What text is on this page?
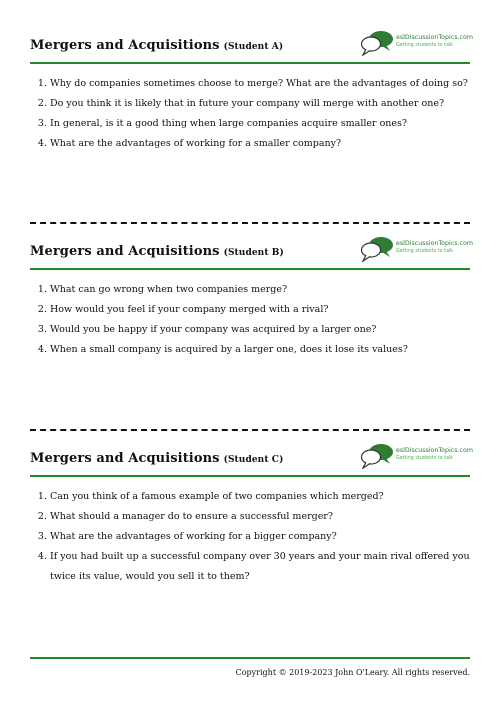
Mergers and Acquisitions (Student A)
eslDiscussionTopics.com
Getting students to talk
1. Why do companies sometimes choose to merge? What are the advantages of doing so?
2. Do you think it is likely that in future your company will merge with another one?
3. In general, is it a good thing when large companies acquire smaller ones?
4. What are the advantages of working for a smaller company?
Mergers and Acquisitions (Student B)
eslDiscussionTopics.com
Getting students to talk
1. What can go wrong when two companies merge?
2. How would you feel if your company merged with a rival?
3. Would you be happy if your company was acquired by a larger one?
4. When a small company is acquired by a larger one, does it lose its values?
Mergers and Acquisitions (Student C)
eslDiscussionTopics.com
Getting students to talk
1. Can you think of a famous example of two companies which merged?
2. What should a manager do to ensure a successful merger?
3. What are the advantages of working for a bigger company?
4. If you had built up a successful company over 30 years and your main rival offered you twice its value, would you sell it to them?
Copyright © 2019-2023 John O'Leary. All rights reserved.
